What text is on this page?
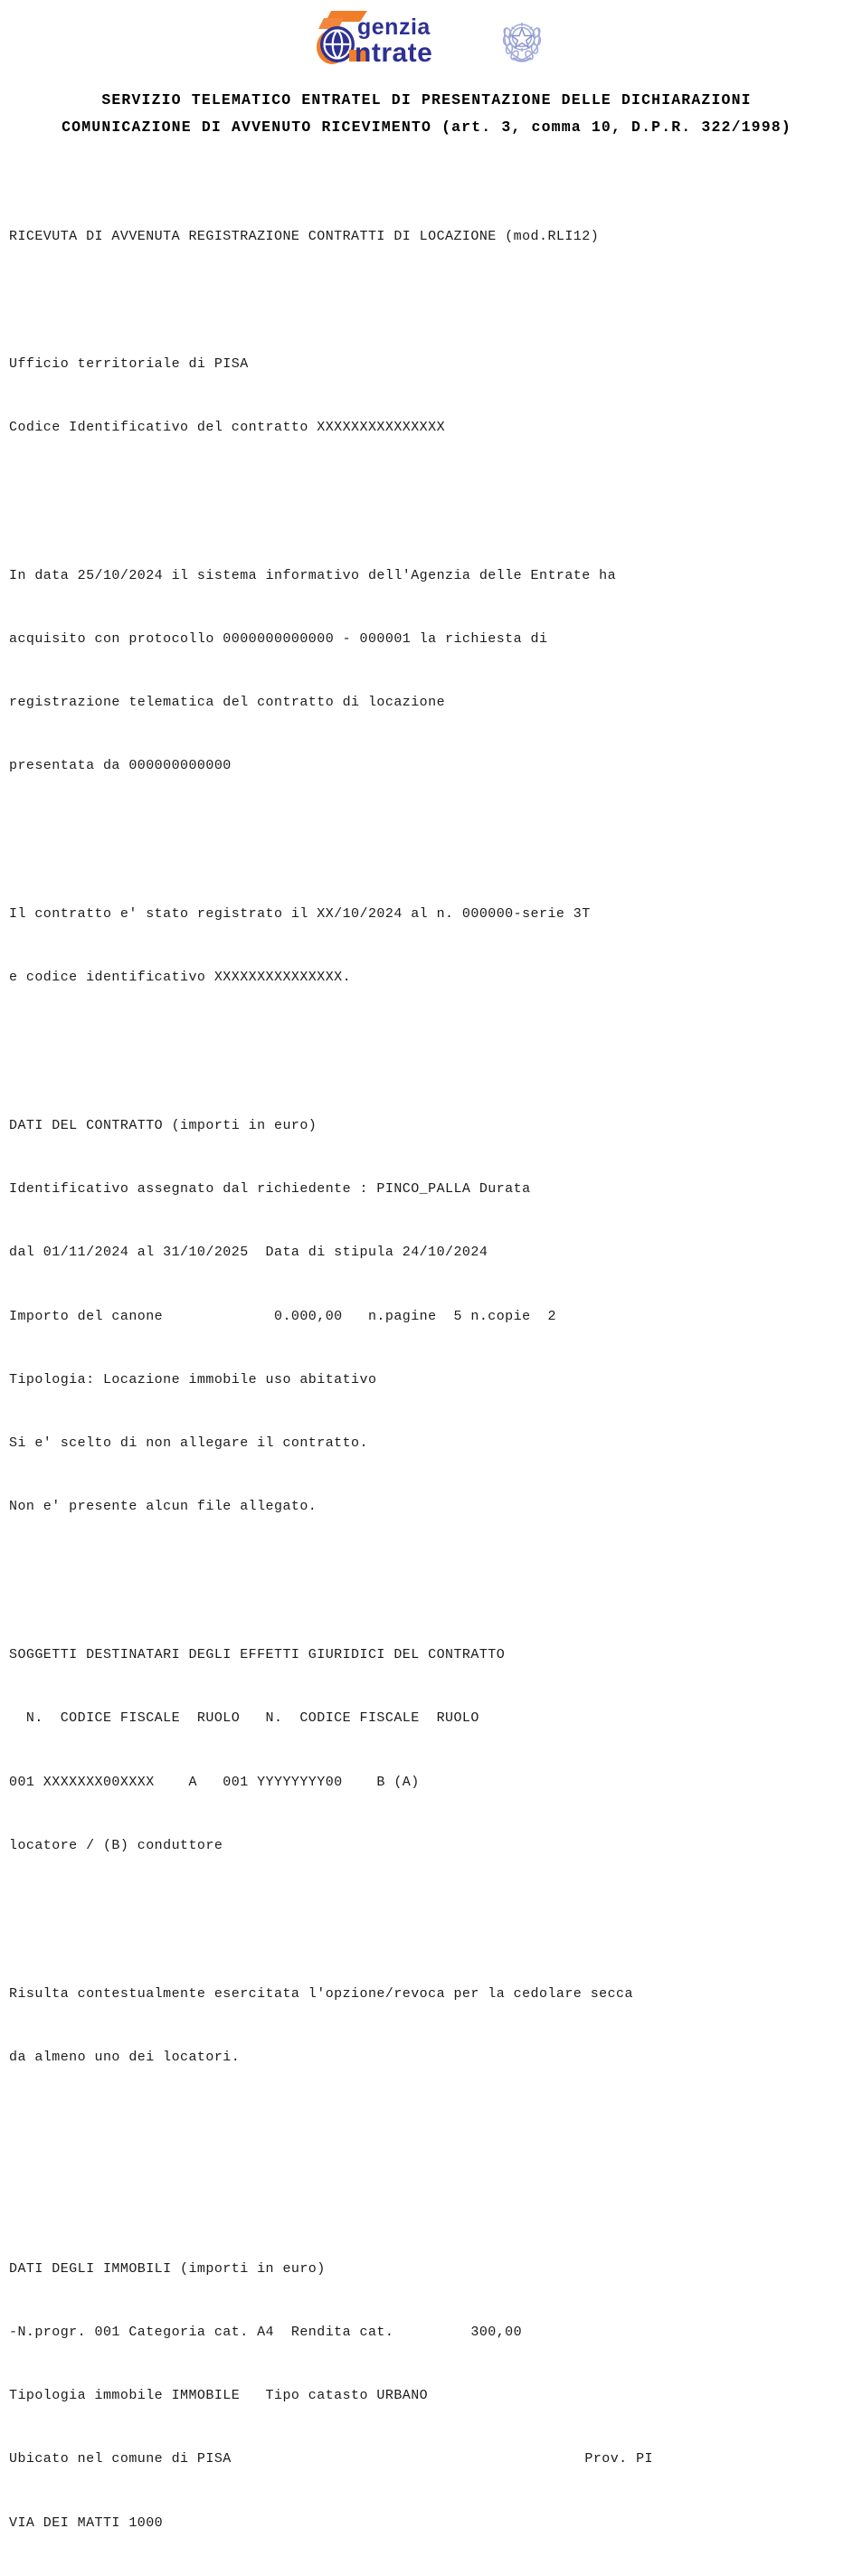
genzia
ntrate
SERVIZIO TELEMATICO ENTRATEL DI PRESENTAZIONE DELLE DICHIARAZIONI
COMUNICAZIONE DI AVVENUTO RICEVIMENTO (art. 3, comma 10, D.P.R. 322/1998)

RICEVUTA DI AVVENUTA REGISTRAZIONE CONTRATTI DI LOCAZIONE (mod.RLI12)

Ufficio territoriale di PISA

Codice Identificativo del contratto XXXXXXXXXXXXXXX

In data 25/10/2024 il sistema informativo dell'Agenzia delle Entrate ha

acquisito con protocollo 0000000000000 - 000001 la richiesta di

registrazione telematica del contratto di locazione

presentata da 000000000000

Il contratto e' stato registrato il XX/10/2024 al n. 000000-serie 3T

e codice identificativo XXXXXXXXXXXXXXX.

DATI DEL CONTRATTO (importi in euro)

Identificativo assegnato dal richiedente : PINCO_PALLA Durata

dal 01/11/2024 al 31/10/2025  Data di stipula 24/10/2024

Importo del canone             0.000,00   n.pagine  5 n.copie  2

Tipologia: Locazione immobile uso abitativo

Si e' scelto di non allegare il contratto.

Non e' presente alcun file allegato.

SOGGETTI DESTINATARI DEGLI EFFETTI GIURIDICI DEL CONTRATTO

N.  CODICE FISCALE  RUOLO   N.  CODICE FISCALE  RUOLO

001 XXXXXXX00XXXX    A   001 YYYYYYYY00    B (A)

locatore / (B) conduttore

Risulta contestualmente esercitata l'opzione/revoca per la cedolare secca

da almeno uno dei locatori.

DATI DEGLI IMMOBILI (importi in euro)

-N.progr. 001 Categoria cat. A4  Rendita cat.         300,00

Tipologia immobile IMMOBILE   Tipo catasto URBANO

Ubicato nel comune di PISA	Prov. PI

VIA DEI MATTI 1000
